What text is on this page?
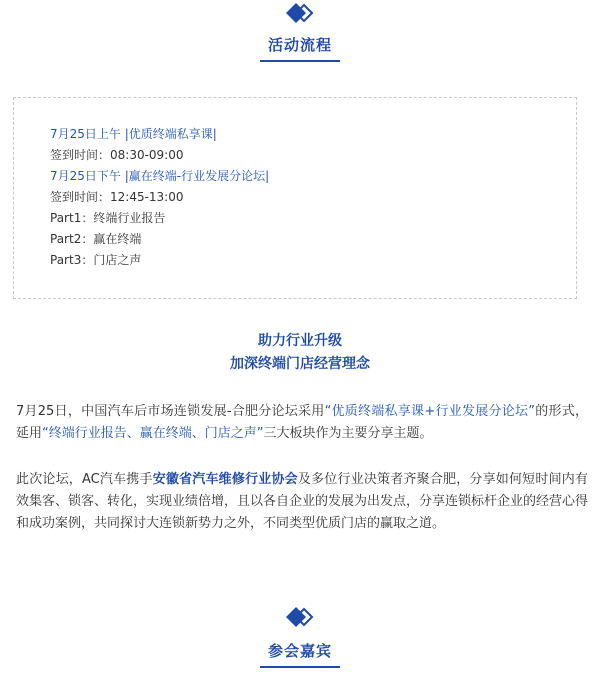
活动流程
7月25日上午 |优质终端私享课|
签到时间：08:30-09:00
7月25日下午 |赢在终端-行业发展分论坛|
签到时间：12:45-13:00
Part1：终端行业报告
Part2：赢在终端
Part3：门店之声
助力行业升级
加深终端门店经营理念

7月25日，中国汽车后市场连锁发展-合肥分论坛采用“优质终端私享课+行业发展分论坛”的形式，延用“终端行业报告、赢在终端、门店之声”三大板块作为主要分享主题。

此次论坛，AC汽车携手安徽省汽车维修行业协会及多位行业决策者齐聚合肥，分享如何短时间内有效集客、锁客、转化，实现业绩倍增，且以各自企业的发展为出发点，分享连锁标杆企业的经营心得和成功案例，共同探讨大连锁新势力之外，不同类型优质门店的赢取之道。

参会嘉宾
